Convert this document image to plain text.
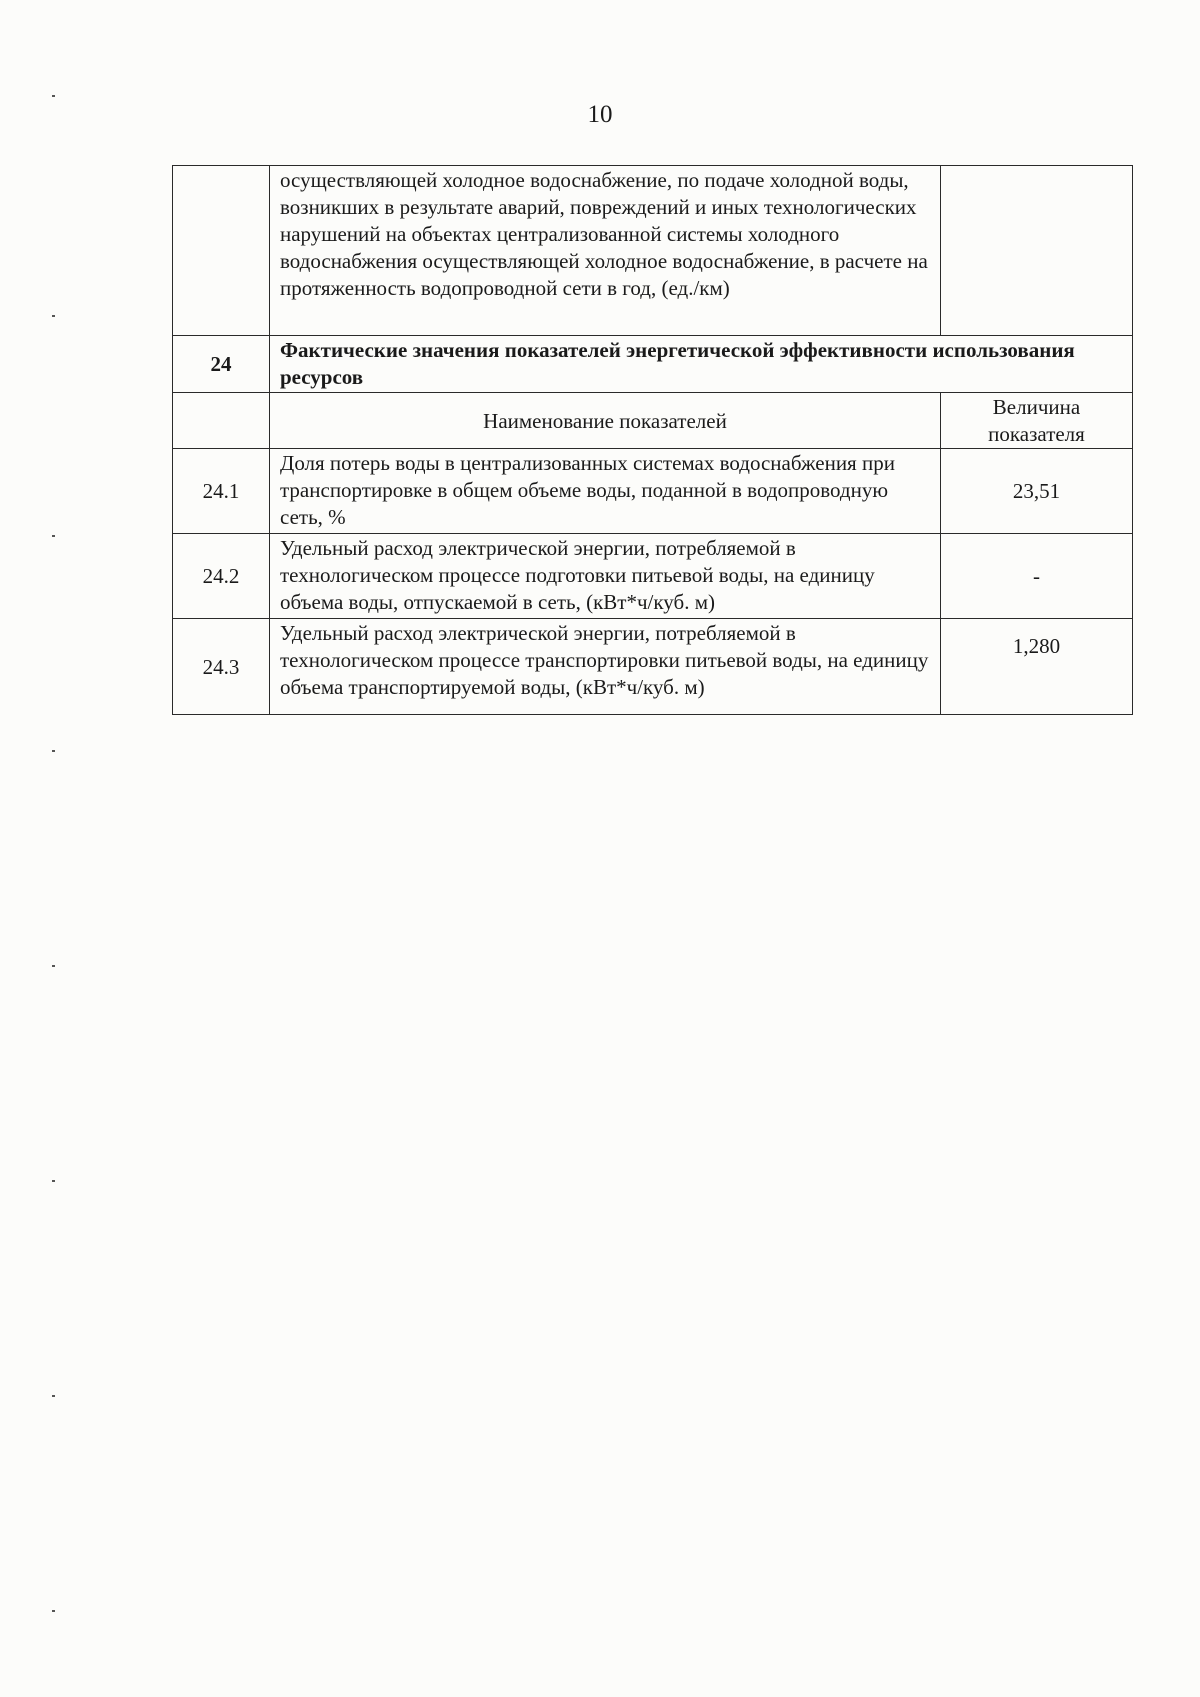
10
	осуществляющей холодное водоснабжение, по подаче холодной воды, возникших в результате аварий, повреждений и иных технологических нарушений на объектах централизованной системы холодного водоснабжения осуществляющей холодное водоснабжение, в расчете на протяженность водопроводной сети в год, (ед./км)	
24	Фактические значения показателей энергетической эффективности использования ресурсов	
	Наименование показателей	Величина показателя
24.1	Доля потерь воды в централизованных системах водоснабжения при транспортировке в общем объеме воды, поданной в водопроводную сеть, %	23,51
24.2	Удельный расход электрической энергии, потребляемой в технологическом процессе подготовки питьевой воды, на единицу объема воды, отпускаемой в сеть, (кВт*ч/куб. м)	-
24.3	Удельный расход электрической энергии, потребляемой в технологическом процессе транспортировки питьевой воды, на единицу объема транспортируемой воды, (кВт*ч/куб. м)	1,280
